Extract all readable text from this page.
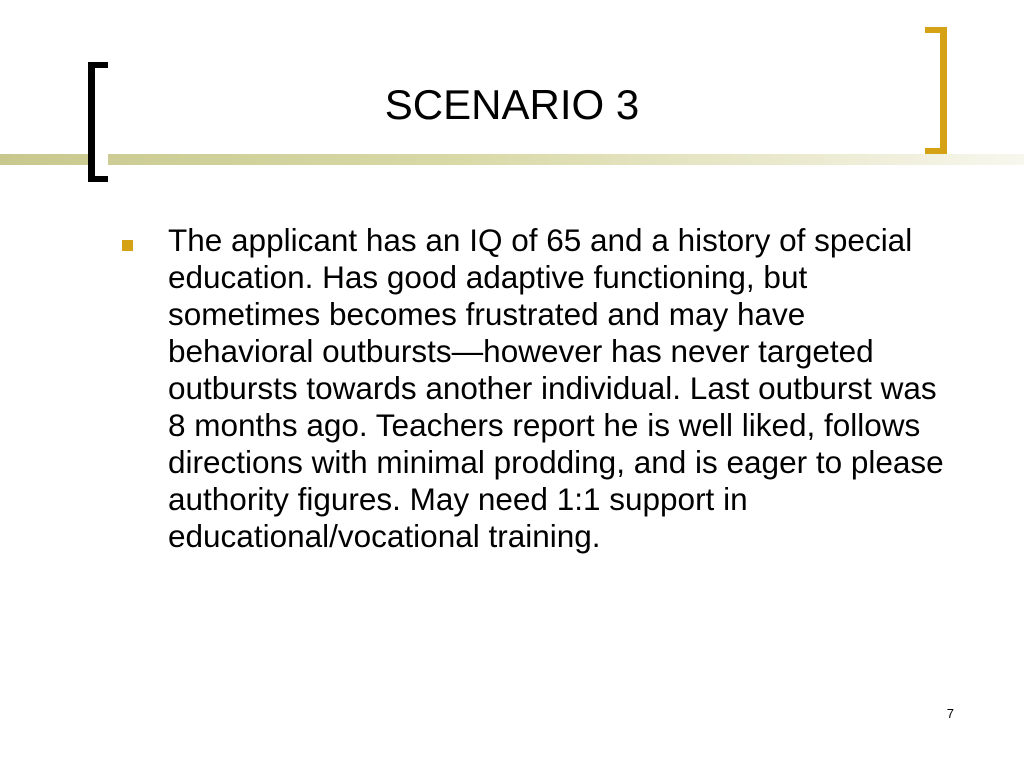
SCENARIO 3

The applicant has an IQ of 65 and a history of special education. Has good adaptive functioning, but sometimes becomes frustrated and may have behavioral outbursts—however has never targeted outbursts towards another individual. Last outburst was 8 months ago. Teachers report he is well liked, follows directions with minimal prodding, and is eager to please authority figures. May need 1:1 support in educational/vocational training.

7
